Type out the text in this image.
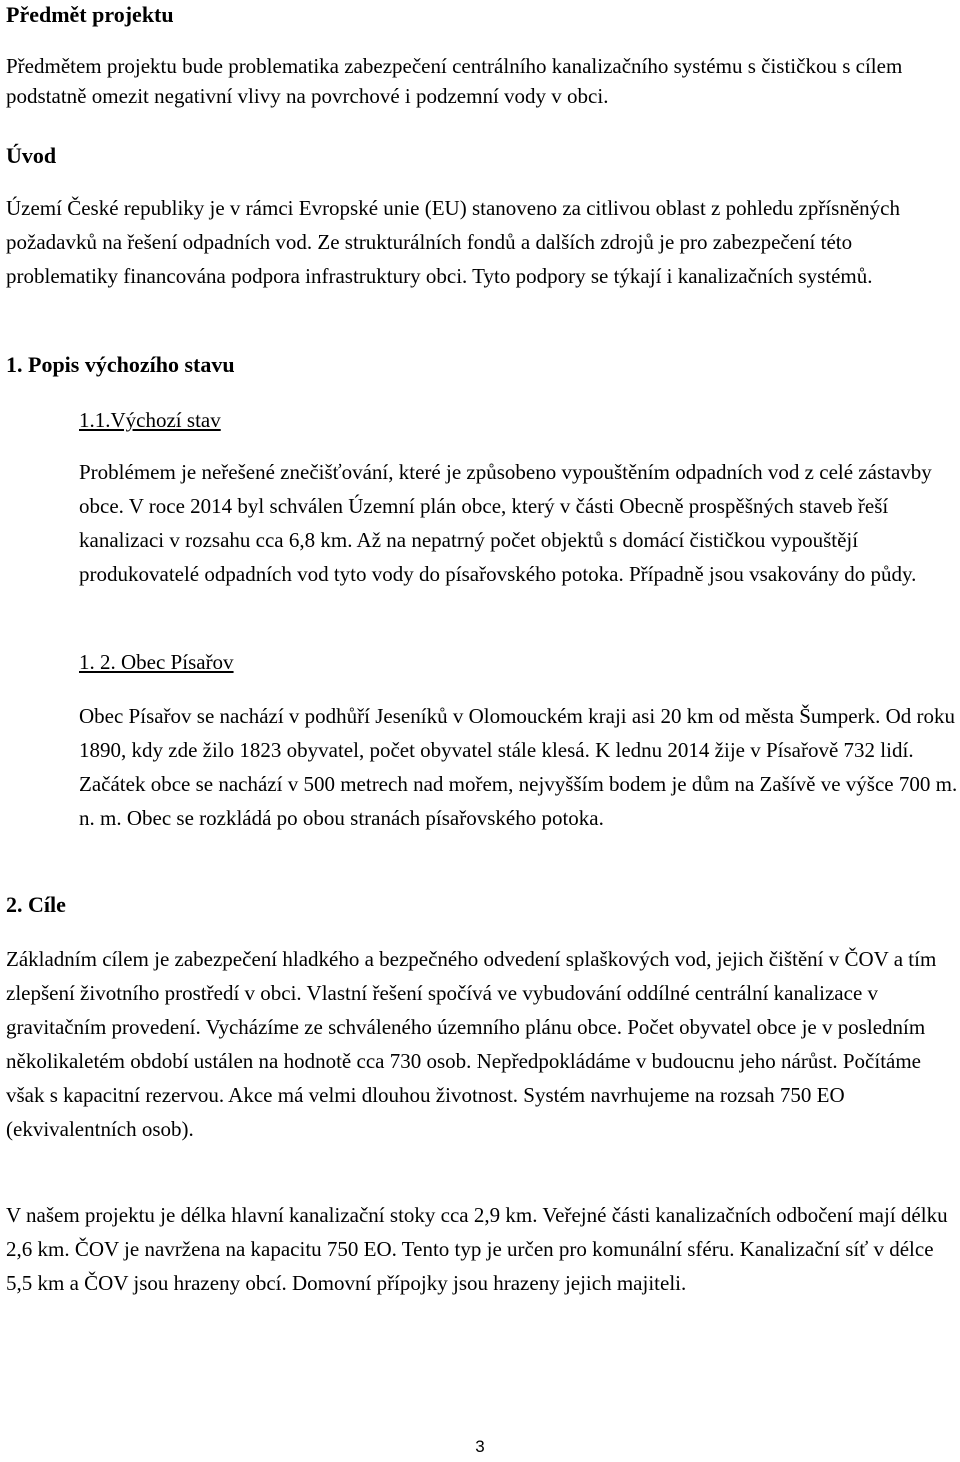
Předmět projektu

Předmětem projektu bude problematika zabezpečení centrálního kanalizačního systému s čističkou s cílem podstatně omezit negativní vlivy na povrchové i podzemní vody v obci.

Úvod

Území České republiky je v rámci Evropské unie (EU) stanoveno za citlivou oblast z pohledu zpřísněných požadavků na řešení odpadních vod. Ze strukturálních fondů a dalších zdrojů je pro zabezpečení této problematiky financována podpora infrastruktury obci. Tyto podpory se týkají i kanalizačních systémů.

1. Popis výchozího stavu
1.1.Výchozí stav

Problémem je neřešené znečišťování, které je způsobeno vypouštěním odpadních vod z celé zástavby obce. V roce 2014 byl schválen Územní plán obce, který v části Obecně prospěšných staveb řeší kanalizaci v rozsahu cca 6,8 km. Až na nepatrný počet objektů s domácí čističkou vypouštějí produkovatelé odpadních vod tyto vody do písařovského potoka. Případně jsou vsakovány do půdy.

1. 2. Obec Písařov

Obec Písařov se nachází v podhůří Jeseníků v Olomouckém kraji asi 20 km od města Šumperk. Od roku 1890, kdy zde žilo 1823 obyvatel, počet obyvatel stále klesá. K lednu 2014 žije v Písařově 732 lidí. Začátek obce se nachází v 500 metrech nad mořem, nejvyšším bodem je dům na Zašívě ve výšce 700 m. n. m. Obec se rozkládá po obou stranách písařovského potoka.

2. Cíle

Základním cílem je zabezpečení hladkého a bezpečného odvedení splaškových vod, jejich čištění v ČOV a tím zlepšení životního prostředí v obci. Vlastní řešení spočívá ve vybudování oddílné centrální kanalizace v gravitačním provedení. Vycházíme ze schváleného územního plánu obce. Počet obyvatel obce je v posledním několikaletém období ustálen na hodnotě cca 730 osob. Nepředpokládáme v budoucnu jeho nárůst. Počítáme však s kapacitní rezervou. Akce má velmi dlouhou životnost. Systém navrhujeme na rozsah 750 EO (ekvivalentních osob).

V našem projektu je délka hlavní kanalizační stoky cca 2,9 km. Veřejné části kanalizačních odbočení mají délku 2,6 km. ČOV je navržena na kapacitu 750 EO. Tento typ je určen pro komunální sféru. Kanalizační síť v délce 5,5 km a ČOV jsou hrazeny obcí. Domovní přípojky jsou hrazeny jejich majiteli.

3
